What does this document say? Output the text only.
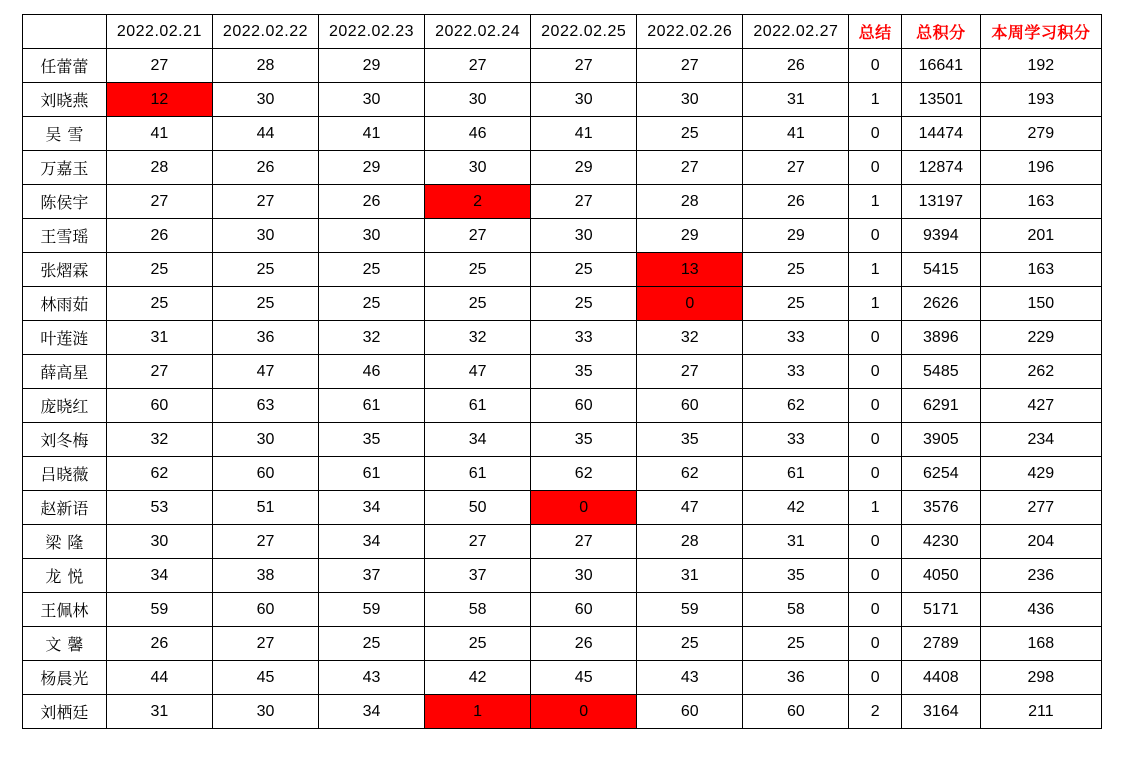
	2022.02.21	2022.02.22	2022.02.23	2022.02.24	2022.02.25	2022.02.26	2022.02.27	总结	总积分	本周学习积分
任蕾蕾	27	28	29	27	27	27	26	0	16641	192
刘晓燕	12	30	30	30	30	30	31	1	13501	193
吴雪	41	44	41	46	41	25	41	0	14474	279
万嘉玉	28	26	29	30	29	27	27	0	12874	196
陈侯宇	27	27	26	2	27	28	26	1	13197	163
王雪瑶	26	30	30	27	30	29	29	0	9394	201
张熠霖	25	25	25	25	25	13	25	1	5415	163
林雨茹	25	25	25	25	25	0	25	1	2626	150
叶莲涟	31	36	32	32	33	32	33	0	3896	229
薛高星	27	47	46	47	35	27	33	0	5485	262
庞晓红	60	63	61	61	60	60	62	0	6291	427
刘冬梅	32	30	35	34	35	35	33	0	3905	234
吕晓薇	62	60	61	61	62	62	61	0	6254	429
赵新语	53	51	34	50	0	47	42	1	3576	277
梁隆	30	27	34	27	27	28	31	0	4230	204
龙悦	34	38	37	37	30	31	35	0	4050	236
王佩林	59	60	59	58	60	59	58	0	5171	436
文馨	26	27	25	25	26	25	25	0	2789	168
杨晨光	44	45	43	42	45	43	36	0	4408	298
刘栖廷	31	30	34	1	0	60	60	2	3164	211
